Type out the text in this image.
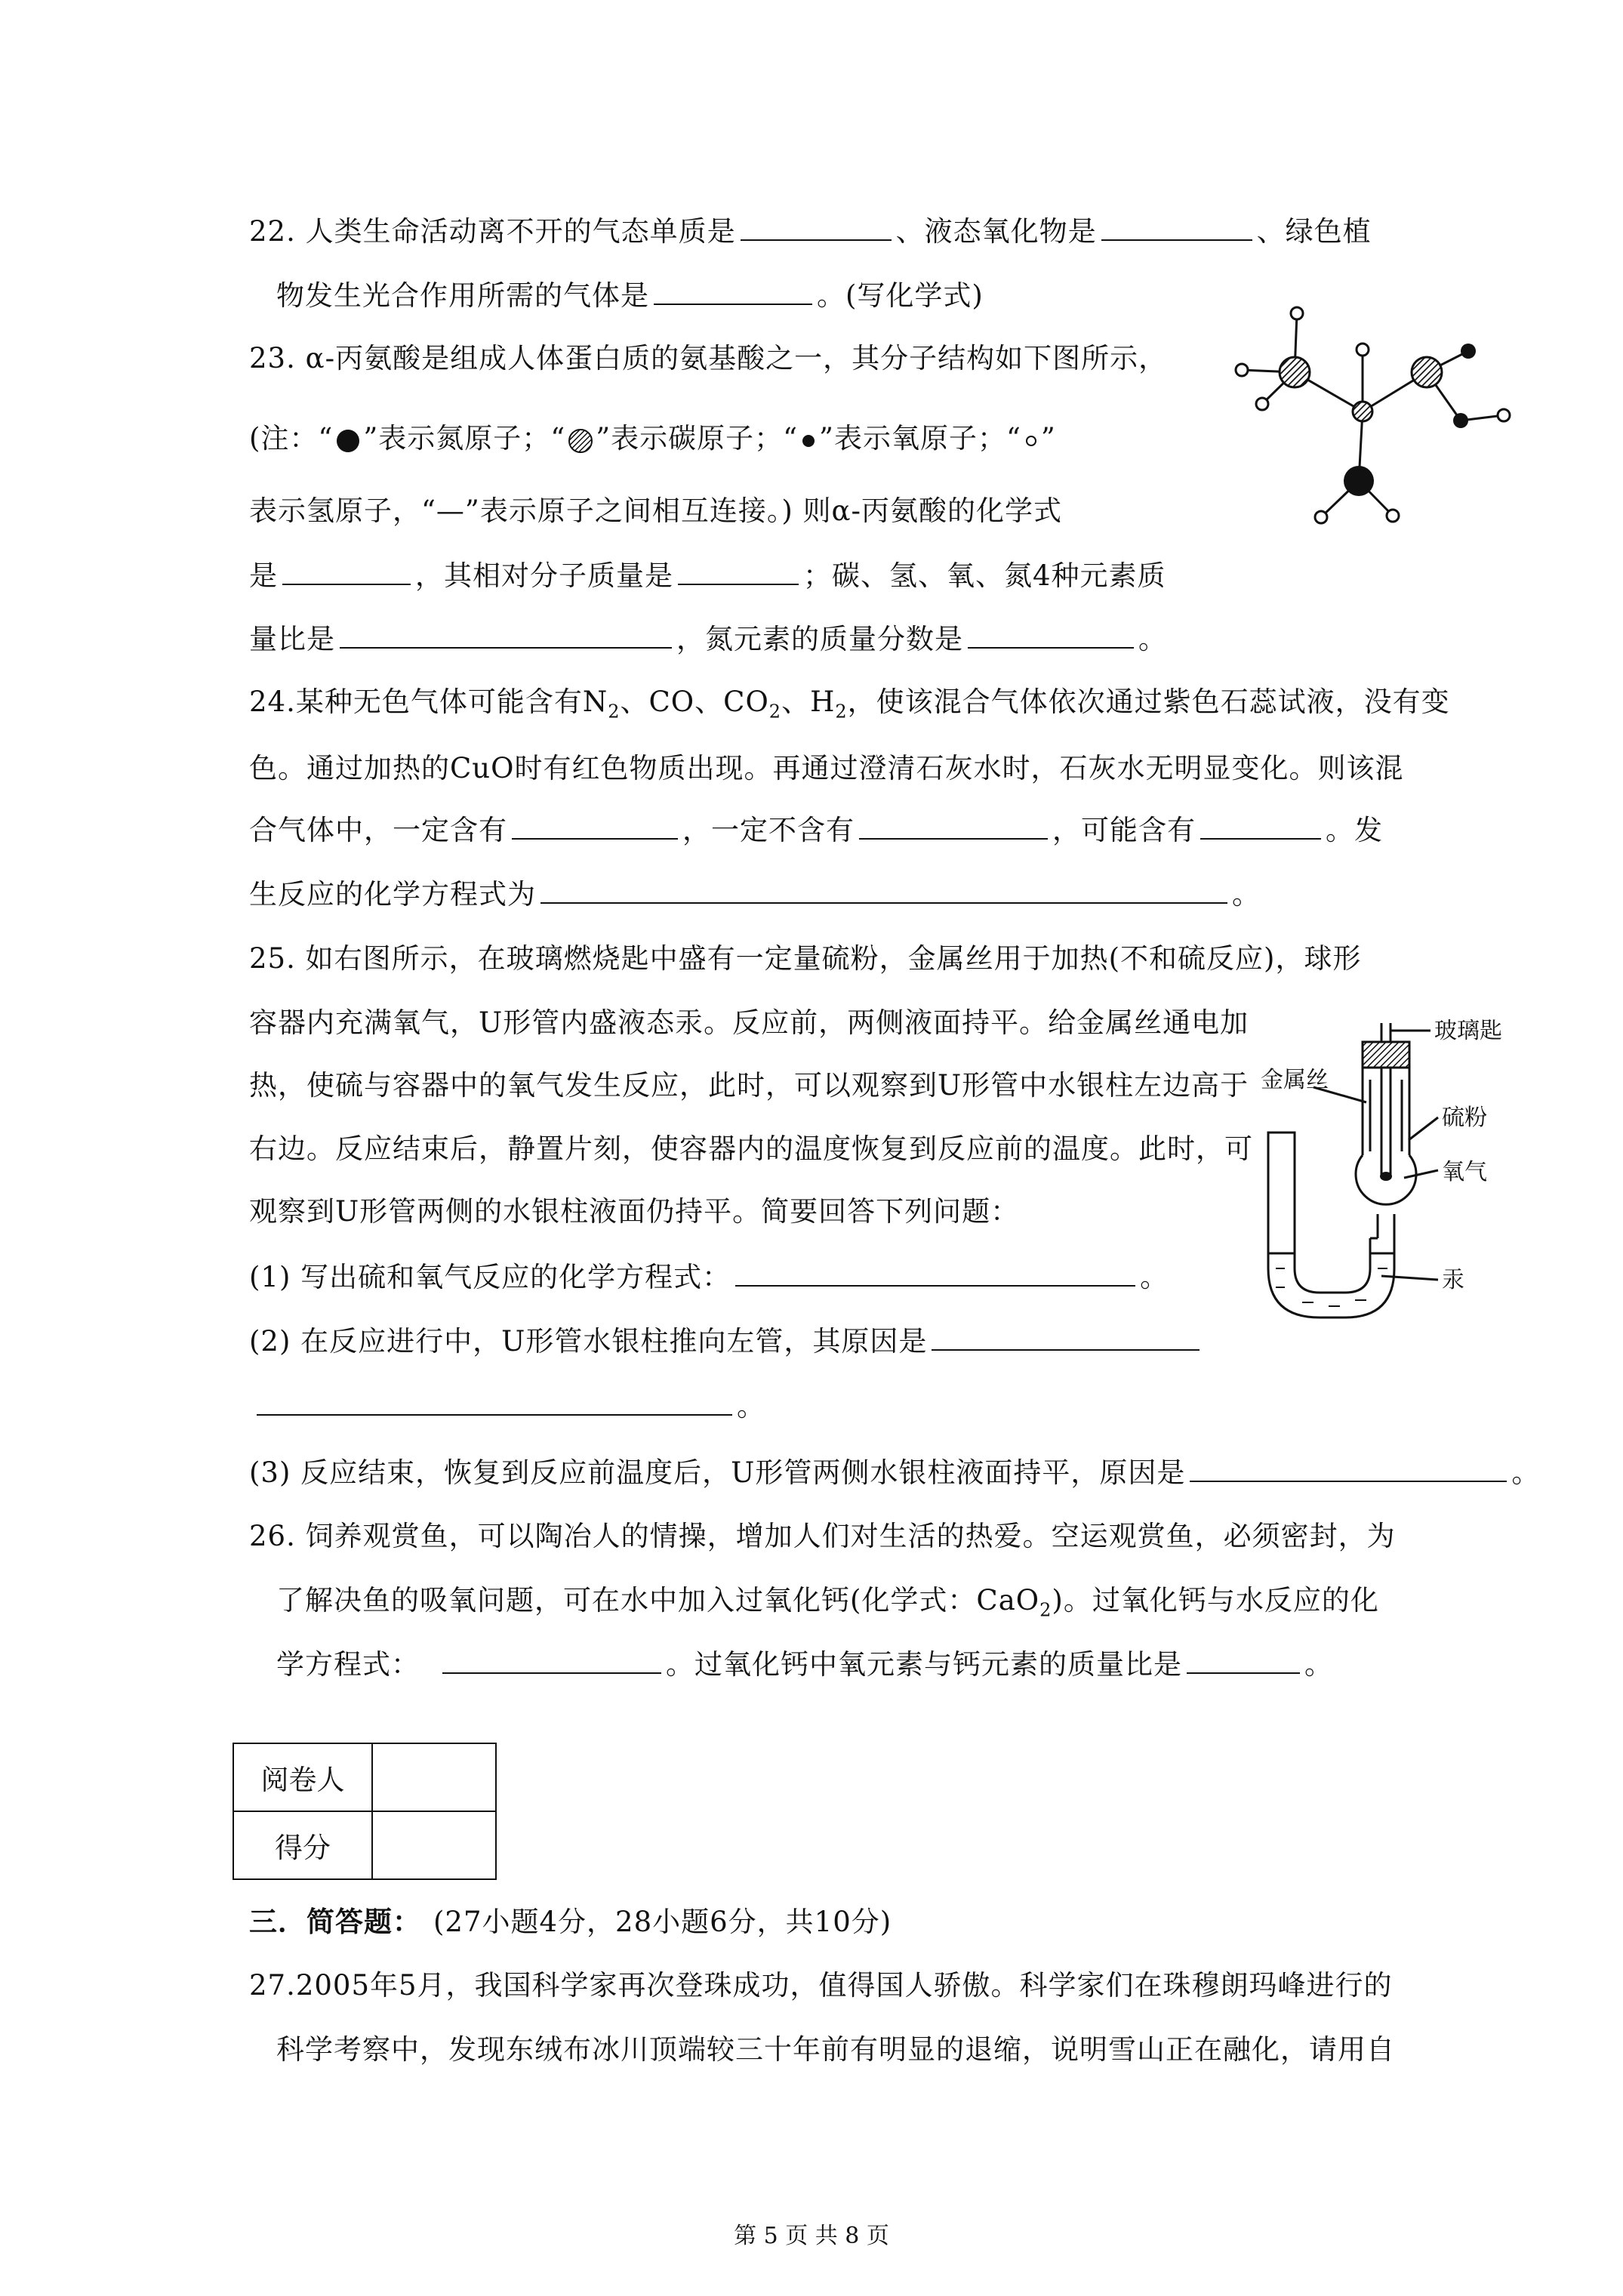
22. 人类生命活动离不开的气态单质是	、液态氧化物是	、绿色植
物发生光合作用所需的气体是	。(写化学式)
23. α-丙氨酸是组成人体蛋白质的氨基酸之一，其分子结构如下图所示，
(注：“ ”表示氮原子；“ ”表示碳原子；“ ”表示氧原子；“ ”
表示氢原子，“—”表示原子之间相互连接。) 则α-丙氨酸的化学式
是	，其相对分子质量是	；碳、氢、氧、氮4种元素质
量比是	，氮元素的质量分数是	。
24.某种无色气体可能含有$N_2$、CO、$CO_2$、$H_2$，使该混合气体依次通过紫色石蕊试液，没有变
色。通过加热的CuO时有红色物质出现。再通过澄清石灰水时，石灰水无明显变化。则该混
合气体中，一定含有	，一定不含有	，可能含有	。发
生反应的化学方程式为	。
25. 如右图所示，在玻璃燃烧匙中盛有一定量硫粉，金属丝用于加热(不和硫反应)，球形
容器内充满氧气，U形管内盛液态汞。反应前，两侧液面持平。给金属丝通电加
热，使硫与容器中的氧气发生反应，此时，可以观察到U形管中水银柱左边高于
右边。反应结束后，静置片刻，使容器内的温度恢复到反应前的温度。此时，可
观察到U形管两侧的水银柱液面仍持平。简要回答下列问题：
(1) 写出硫和氧气反应的化学方程式：	。
(2) 在反应进行中，U形管水银柱推向左管，其原因是
。
(3) 反应结束，恢复到反应前温度后，U形管两侧水银柱液面持平，原因是	。
玻璃匙
金属丝
硫粉
氧气
汞
26. 饲养观赏鱼，可以陶冶人的情操，增加人们对生活的热爱。空运观赏鱼，必须密封，为
了解决鱼的吸氧问题，可在水中加入过氧化钙(化学式：CaO$_2$)。过氧化钙与水反应的化
学方程式：	。过氧化钙中氧元素与钙元素的质量比是	。
阅卷人	
得分	
三．简答题： (27小题4分，28小题6分，共10分)
27.2005年5月，我国科学家再次登珠成功，值得国人骄傲。科学家们在珠穆朗玛峰进行的
科学考察中，发现东绒布冰川顶端较三十年前有明显的退缩，说明雪山正在融化，请用自
第 5 页 共 8 页
